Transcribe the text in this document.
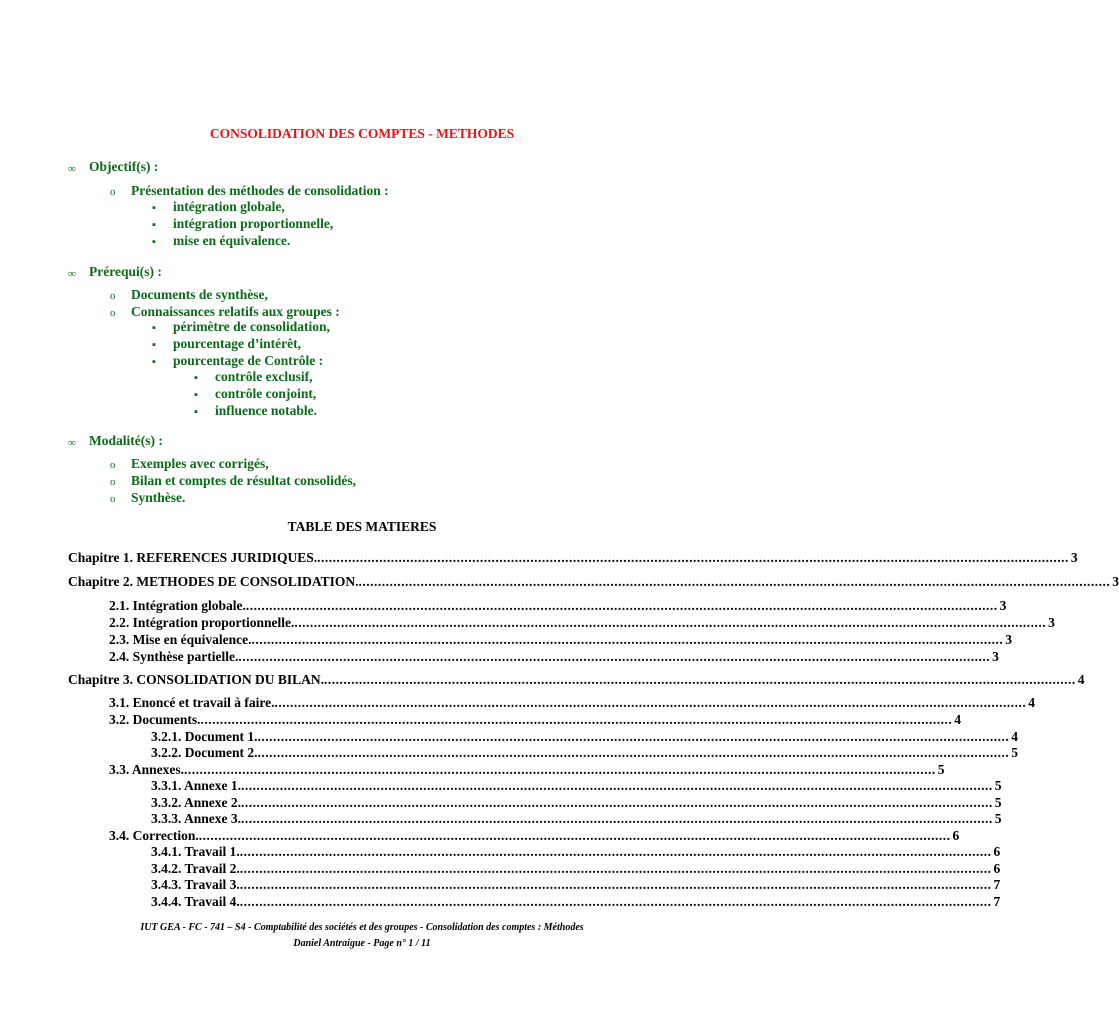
CONSOLIDATION DES COMPTES - METHODES
∞ Objectif(s) :
o Présentation des méthodes de consolidation :
▪ intégration globale,
▪ intégration proportionnelle,
▪ mise en équivalence.
∞ Prérequi(s) :
o Documents de synthèse,
o Connaissances relatifs aux groupes :
▪ périmètre de consolidation,
▪ pourcentage d’intérêt,
▪ pourcentage de Contrôle :
▪ contrôle exclusif,
▪ contrôle conjoint,
▪ influence notable.
∞ Modalité(s) :
o Exemples avec corrigés,
o Bilan et comptes de résultat consolidés,
o Synthèse.
TABLE DES MATIERES
Chapitre 1. REFERENCES JURIDIQUES. .................................................................................................................................................................................................. 3
Chapitre 2. METHODES DE CONSOLIDATION. .................................................................................................................................................................................................. 3
2.1. Intégration globale. .................................................................................................................................................................................................. 3
2.2. Intégration proportionnelle. .................................................................................................................................................................................................. 3
2.3. Mise en équivalence. .................................................................................................................................................................................................. 3
2.4. Synthèse partielle. .................................................................................................................................................................................................. 3
Chapitre 3. CONSOLIDATION DU BILAN. .................................................................................................................................................................................................. 4
3.1. Enoncé et travail à faire. .................................................................................................................................................................................................. 4
3.2. Documents. .................................................................................................................................................................................................. 4
3.2.1. Document 1. .................................................................................................................................................................................................. 4
3.2.2. Document 2. .................................................................................................................................................................................................. 5
3.3. Annexes. .................................................................................................................................................................................................. 5
3.3.1. Annexe 1. .................................................................................................................................................................................................. 5
3.3.2. Annexe 2. .................................................................................................................................................................................................. 5
3.3.3. Annexe 3. .................................................................................................................................................................................................. 5
3.4. Correction. .................................................................................................................................................................................................. 6
3.4.1. Travail 1. .................................................................................................................................................................................................. 6
3.4.2. Travail 2. .................................................................................................................................................................................................. 6
3.4.3. Travail 3. .................................................................................................................................................................................................. 7
3.4.4. Travail 4. .................................................................................................................................................................................................. 7
IUT GEA - FC - 741 – S4 - Comptabilité des sociétés et des groupes - Consolidation des comptes : Méthodes
Daniel Antraigue - Page n° 1 / 11
